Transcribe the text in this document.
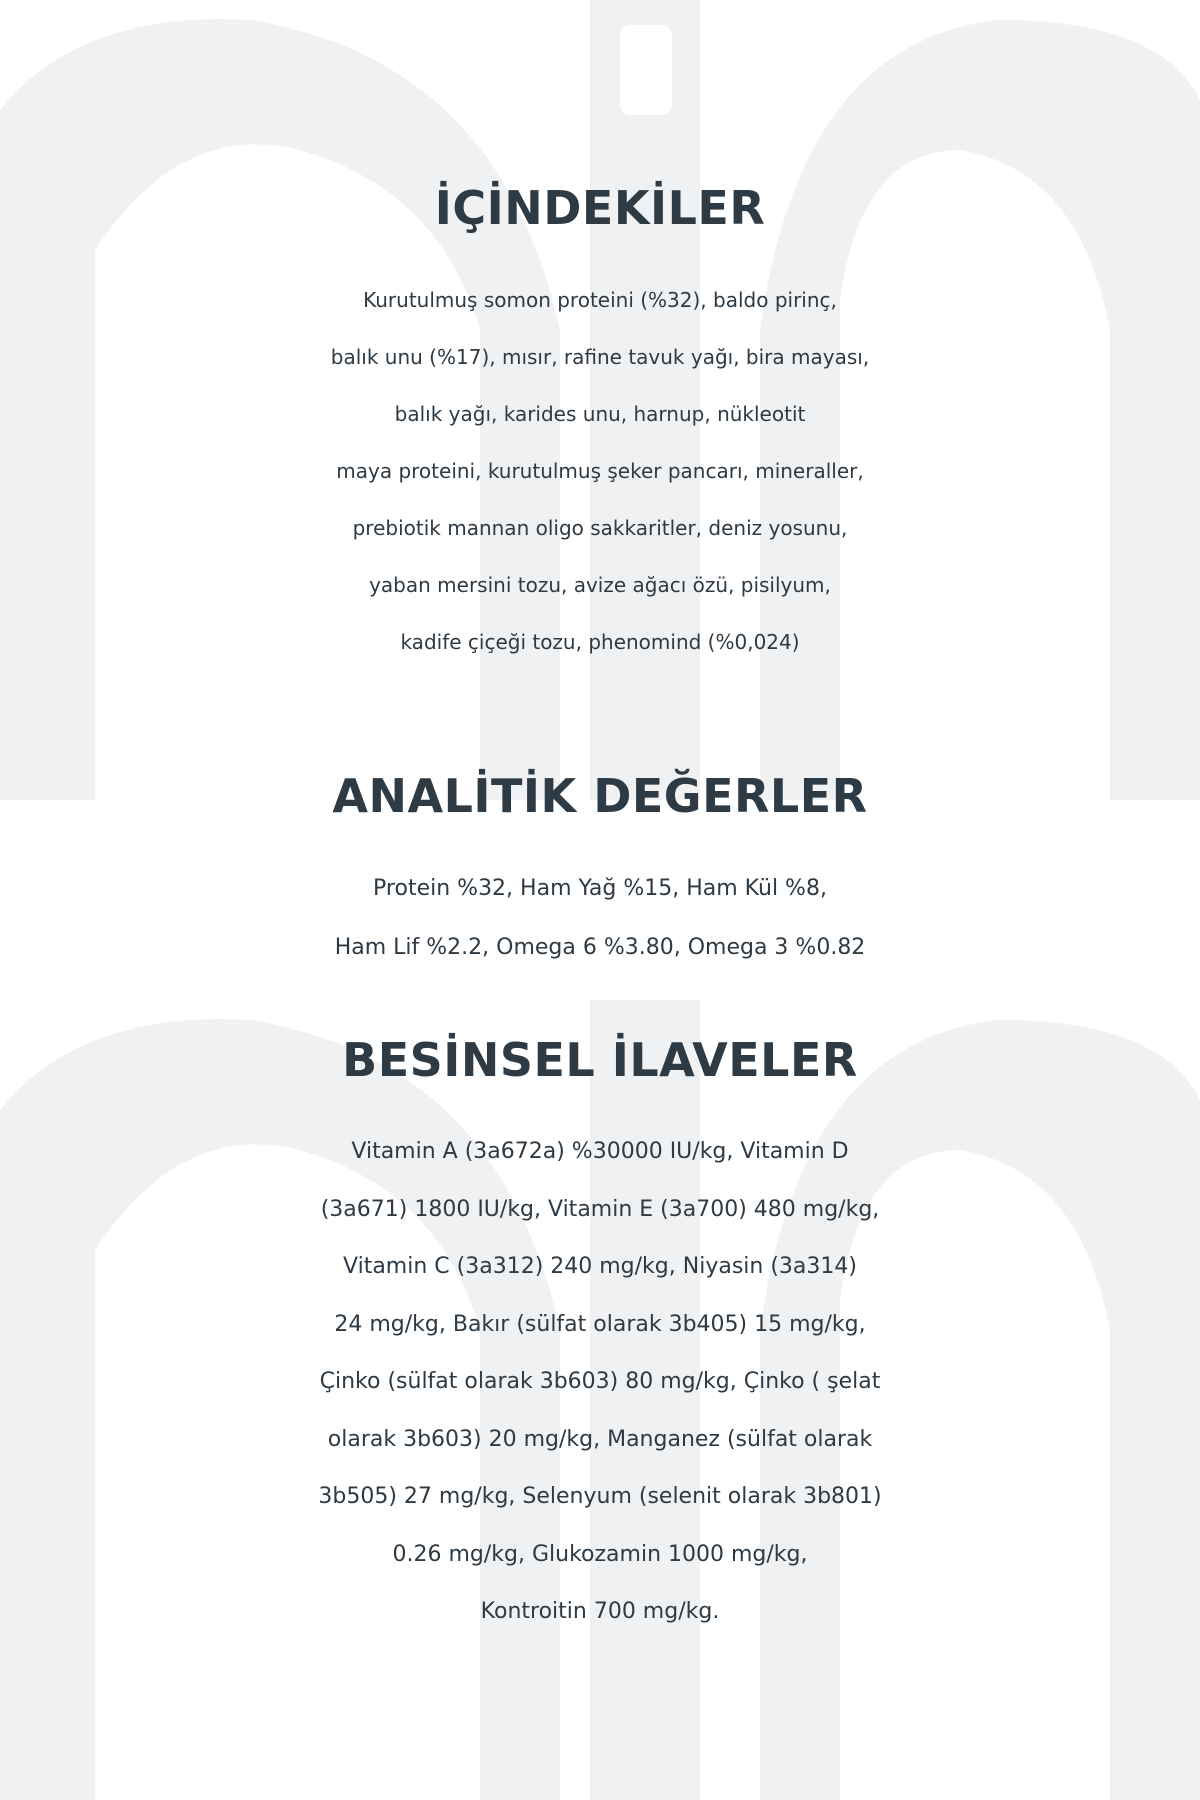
İÇİNDEKİLER
Kurutulmuş somon proteini (%32), baldo pirinç,
balık unu (%17), mısır, rafine tavuk yağı, bira mayası,
balık yağı, karides unu, harnup, nükleotit
maya proteini, kurutulmuş şeker pancarı, mineraller,
prebiotik mannan oligo sakkaritler, deniz yosunu,
yaban mersini tozu, avize ağacı özü, pisilyum,
kadife çiçeği tozu, phenomind (%0,024)
ANALİTİK DEĞERLER
Protein %32, Ham Yağ %15, Ham Kül %8,
Ham Lif %2.2, Omega 6 %3.80, Omega 3 %0.82
BESİNSEL İLAVELER
Vitamin A (3a672a) %30000 IU/kg, Vitamin D
(3a671) 1800 IU/kg, Vitamin E (3a700) 480 mg/kg,
Vitamin C (3a312) 240 mg/kg, Niyasin (3a314)
24 mg/kg, Bakır (sülfat olarak 3b405) 15 mg/kg,
Çinko (sülfat olarak 3b603) 80 mg/kg, Çinko ( şelat
olarak 3b603) 20 mg/kg, Manganez (sülfat olarak
3b505) 27 mg/kg, Selenyum (selenit olarak 3b801)
0.26 mg/kg, Glukozamin 1000 mg/kg,
Kontroitin 700 mg/kg.
